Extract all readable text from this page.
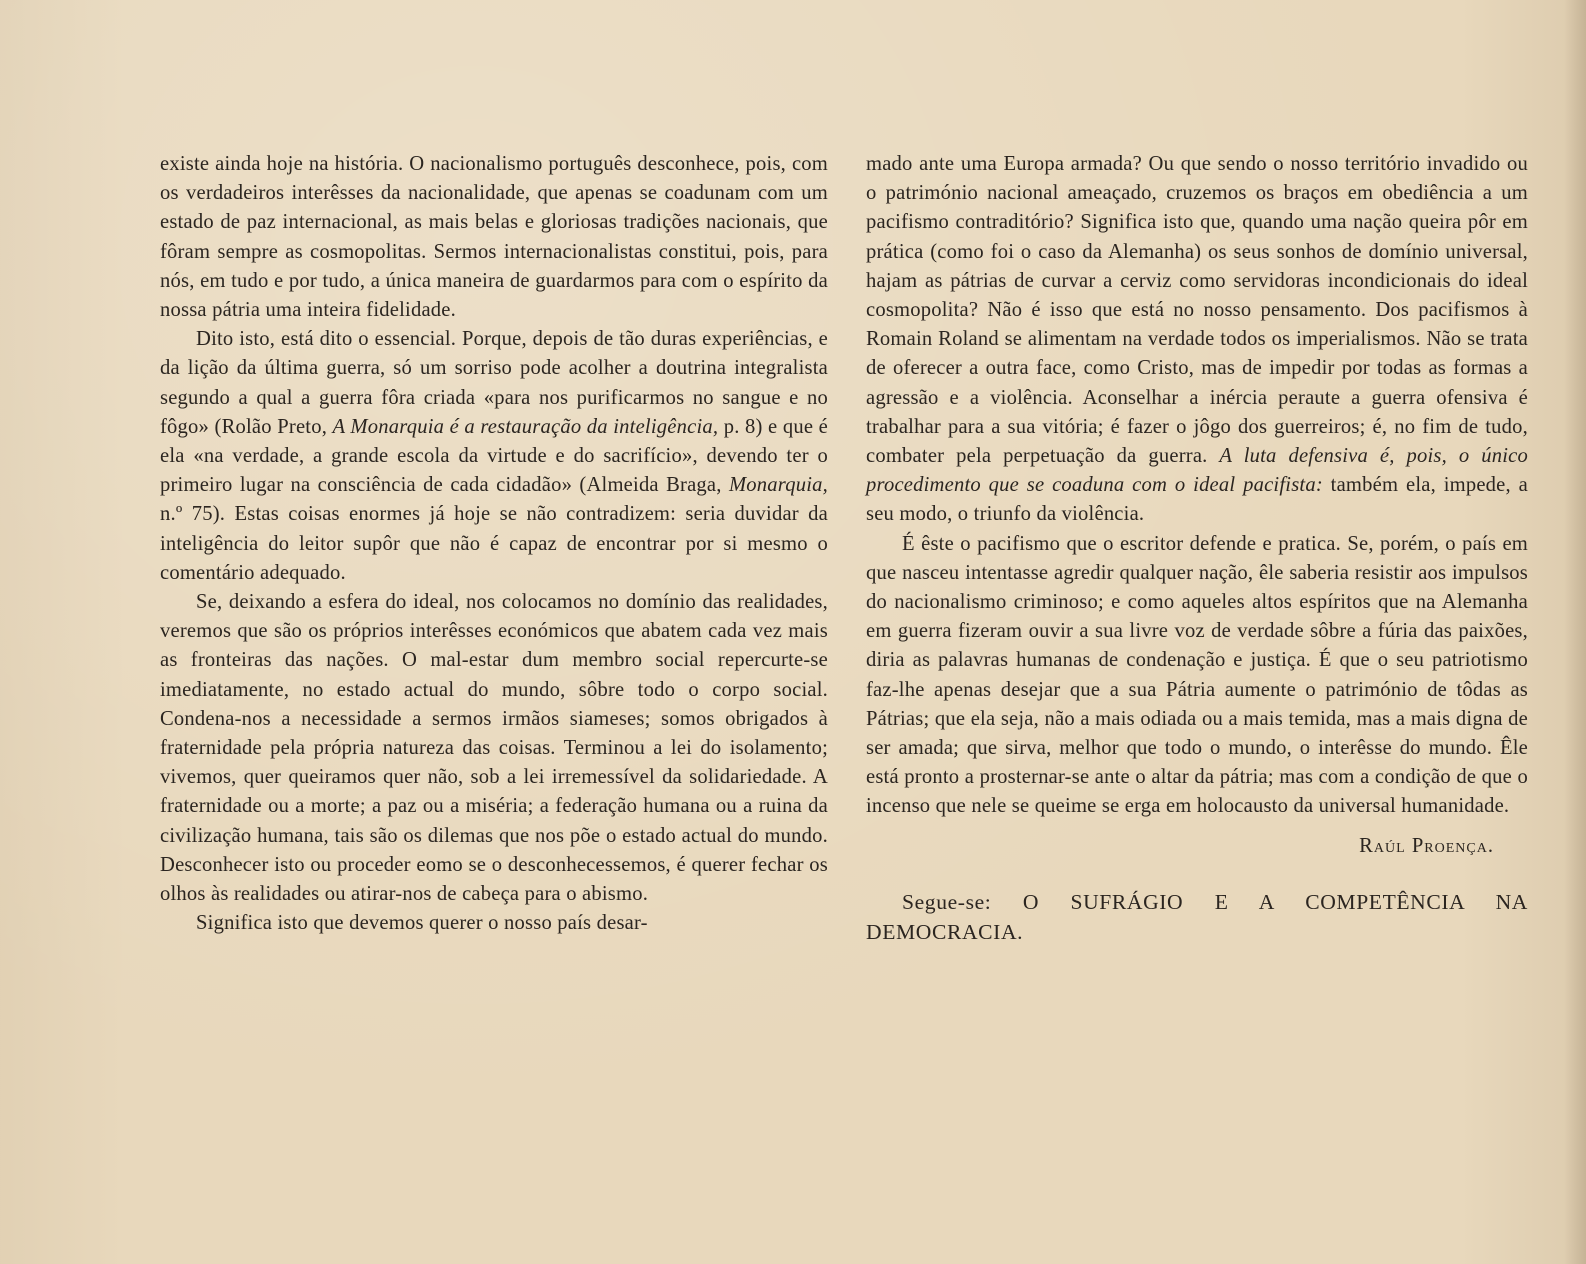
existe ainda hoje na história. O nacionalismo português desconhece, pois, com os verdadeiros interêsses da nacionalidade, que apenas se coadunam com um estado de paz internacional, as mais belas e gloriosas tradições nacionais, que fôram sempre as cosmopolitas. Sermos internacionalistas constitui, pois, para nós, em tudo e por tudo, a única maneira de guardarmos para com o espírito da nossa pátria uma inteira fidelidade.

Dito isto, está dito o essencial. Porque, depois de tão duras experiências, e da lição da última guerra, só um sorriso pode acolher a doutrina integralista segundo a qual a guerra fôra criada «para nos purificarmos no sangue e no fôgo» (Rolão Preto, A Monarquia é a restauração da inteligência, p. 8) e que é ela «na verdade, a grande escola da virtude e do sacrifício», devendo ter o primeiro lugar na consciência de cada cidadão» (Almeida Braga, Monarquia, n.º 75). Estas coisas enormes já hoje se não contradizem: seria duvidar da inteligência do leitor supôr que não é capaz de encontrar por si mesmo o comentário adequado.

Se, deixando a esfera do ideal, nos colocamos no domínio das realidades, veremos que são os próprios interêsses económicos que abatem cada vez mais as fronteiras das nações. O mal-estar dum membro social repercurte-se imediatamente, no estado actual do mundo, sôbre todo o corpo social. Condena-nos a necessidade a sermos irmãos siameses; somos obrigados à fraternidade pela própria natureza das coisas. Terminou a lei do isolamento; vivemos, quer queiramos quer não, sob a lei irremessível da solidariedade. A fraternidade ou a morte; a paz ou a miséria; a federação humana ou a ruina da civilização humana, tais são os dilemas que nos põe o estado actual do mundo. Desconhecer isto ou proceder eomo se o desconhecessemos, é querer fechar os olhos às realidades ou atirar-nos de cabeça para o abismo.

Significa isto que devemos querer o nosso país desar-

mado ante uma Europa armada? Ou que sendo o nosso território invadido ou o património nacional ameaçado, cruzemos os braços em obediência a um pacifismo contraditório? Significa isto que, quando uma nação queira pôr em prática (como foi o caso da Alemanha) os seus sonhos de domínio universal, hajam as pátrias de curvar a cerviz como servidoras incondicionais do ideal cosmopolita? Não é isso que está no nosso pensamento. Dos pacifismos à Romain Roland se alimentam na verdade todos os imperialismos. Não se trata de oferecer a outra face, como Cristo, mas de impedir por todas as formas a agressão e a violência. Aconselhar a inércia peraute a guerra ofensiva é trabalhar para a sua vitória; é fazer o jôgo dos guerreiros; é, no fim de tudo, combater pela perpetuação da guerra. A luta defensiva é, pois, o único procedimento que se coaduna com o ideal pacifista: também ela, impede, a seu modo, o triunfo da violência.

É êste o pacifismo que o escritor defende e pratica. Se, porém, o país em que nasceu intentasse agredir qualquer nação, êle saberia resistir aos impulsos do nacionalismo criminoso; e como aqueles altos espíritos que na Alemanha em guerra fizeram ouvir a sua livre voz de verdade sôbre a fúria das paixões, diria as palavras humanas de condenação e justiça. É que o seu patriotismo faz-lhe apenas desejar que a sua Pátria aumente o património de tôdas as Pátrias; que ela seja, não a mais odiada ou a mais temida, mas a mais digna de ser amada; que sirva, melhor que todo o mundo, o interêsse do mundo. Êle está pronto a prosternar-se ante o altar da pátria; mas com a condição de que o incenso que nele se queime se erga em holocausto da universal humanidade.

Raúl Proença.
Segue-se: O SUFRÁGIO E A COMPETÊNCIA NA DEMOCRACIA.
